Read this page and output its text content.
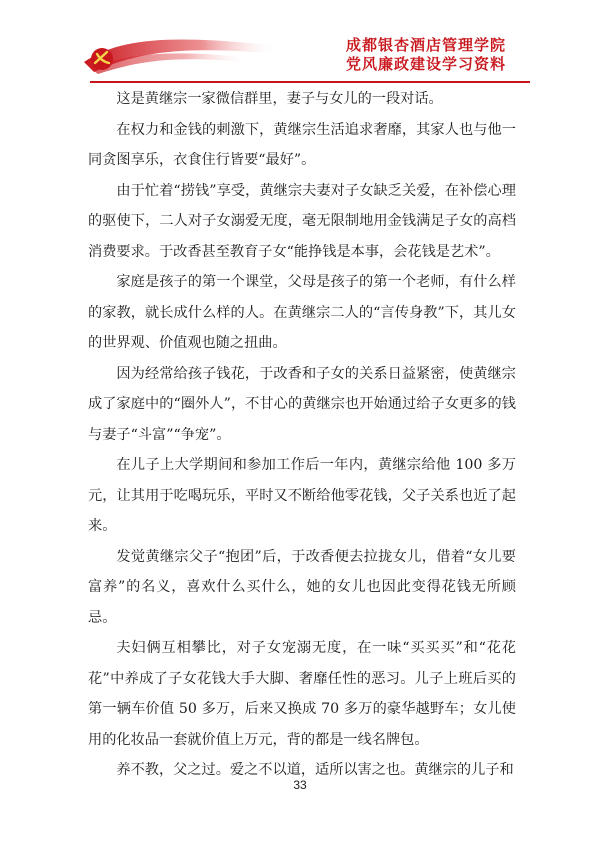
成都银杏酒店管理学院
党风廉政建设学习资料

这是黄继宗一家微信群里，妻子与女儿的一段对话。

在权力和金钱的刺激下，黄继宗生活追求奢靡，其家人也与他一同贪图享乐，衣食住行皆要“最好”。

由于忙着“捞钱”享受，黄继宗夫妻对子女缺乏关爱，在补偿心理的驱使下，二人对子女溺爱无度，毫无限制地用金钱满足子女的高档消费要求。于改香甚至教育子女“能挣钱是本事，会花钱是艺术”。

家庭是孩子的第一个课堂，父母是孩子的第一个老师，有什么样的家教，就长成什么样的人。在黄继宗二人的“言传身教”下，其儿女的世界观、价值观也随之扭曲。

因为经常给孩子钱花，于改香和子女的关系日益紧密，使黄继宗成了家庭中的“圈外人”，不甘心的黄继宗也开始通过给子女更多的钱与妻子“斗富”“争宠”。

在儿子上大学期间和参加工作后一年内，黄继宗给他 100 多万元，让其用于吃喝玩乐，平时又不断给他零花钱，父子关系也近了起来。

发觉黄继宗父子“抱团”后，于改香便去拉拢女儿，借着“女儿要富养”的名义，喜欢什么买什么，她的女儿也因此变得花钱无所顾忌。

夫妇俩互相攀比，对子女宠溺无度，在一味“买买买”和“花花花”中养成了子女花钱大手大脚、奢靡任性的恶习。儿子上班后买的第一辆车价值 50 多万，后来又换成 70 多万的豪华越野车；女儿使用的化妆品一套就价值上万元，背的都是一线名牌包。

养不教，父之过。爱之不以道，适所以害之也。黄继宗的儿子和

33
